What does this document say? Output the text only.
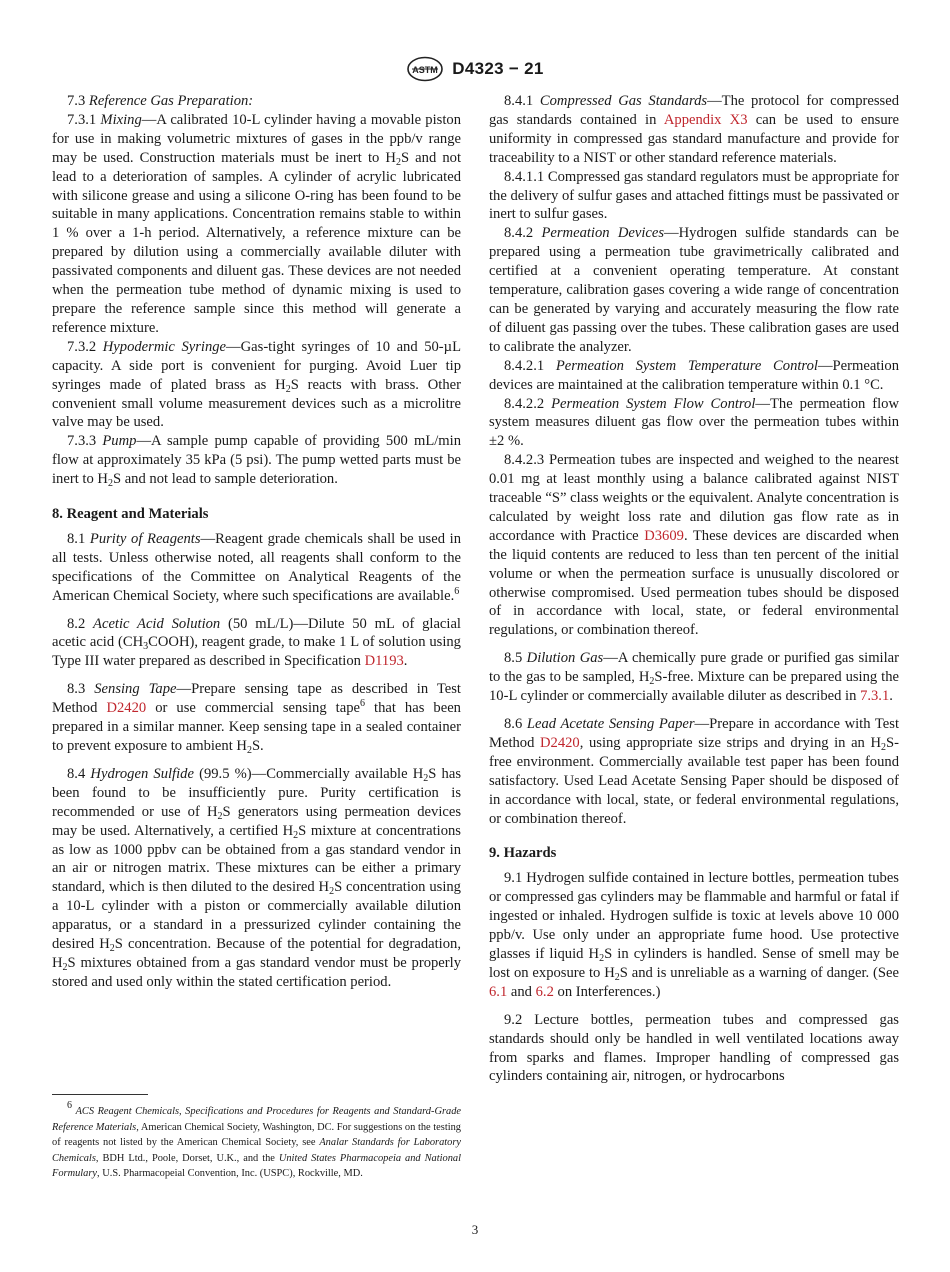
ASTM D4323 − 21

7.3 Reference Gas Preparation:

7.3.1 Mixing—A calibrated 10-L cylinder having a movable piston for use in making volumetric mixtures of gases in the ppb/v range may be used. Construction materials must be inert to $H_2S$ and not lead to a deterioration of samples. A cylinder of acrylic lubricated with silicone grease and using a silicone O-ring has been found to be suitable in many applications. Concentration remains stable to within 1 % over a 1-h period. Alternatively, a reference mixture can be prepared by dilution using a commercially available diluter with passivated components and diluent gas. These devices are not needed when the permeation tube method of dynamic mixing is used to prepare the reference sample since this method will generate a reference mixture.

7.3.2 Hypodermic Syringe—Gas-tight syringes of 10 and 50-µL capacity. A side port is convenient for purging. Avoid Luer tip syringes made of plated brass as $H_2S$ reacts with brass. Other convenient small volume measurement devices such as a microlitre valve may be used.

7.3.3 Pump—A sample pump capable of providing 500 mL/min flow at approximately 35 kPa (5 psi). The pump wetted parts must be inert to $H_2S$ and not lead to sample deterioration.

8. Reagent and Materials

8.1 Purity of Reagents—Reagent grade chemicals shall be used in all tests. Unless otherwise noted, all reagents shall conform to the specifications of the Committee on Analytical Reagents of the American Chemical Society, where such specifications are available.$^6$

8.2 Acetic Acid Solution (50 mL/L)—Dilute 50 mL of glacial acetic acid $(CH_3COOH)$, reagent grade, to make 1 L of solution using Type III water prepared as described in Specification D1193.

8.3 Sensing Tape—Prepare sensing tape as described in Test Method D2420 or use commercial sensing tape$^6$ that has been prepared in a similar manner. Keep sensing tape in a sealed container to prevent exposure to ambient $H_2S$.

8.4 Hydrogen Sulfide (99.5 %)—Commercially available $H_2S$ has been found to be insufficiently pure. Purity certification is recommended or use of $H_2S$ generators using permeation devices may be used. Alternatively, a certified $H_2S$ mixture at concentrations as low as 1000 ppbv can be obtained from a gas standard vendor in an air or nitrogen matrix. These mixtures can be either a primary standard, which is then diluted to the desired $H_2S$ concentration using a 10-L cylinder with a piston or commercially available dilution apparatus, or a standard in a pressurized cylinder containing the desired $H_2S$ concentration. Because of the potential for degradation, $H_2S$ mixtures obtained from a gas standard vendor must be properly stored and used only within the stated certification period.

$^6$ ACS Reagent Chemicals, Specifications and Procedures for Reagents and Standard-Grade Reference Materials, American Chemical Society, Washington, DC. For suggestions on the testing of reagents not listed by the American Chemical Society, see Analar Standards for Laboratory Chemicals, BDH Ltd., Poole, Dorset, U.K., and the United States Pharmacopeia and National Formulary, U.S. Pharmacopeial Convention, Inc. (USPC), Rockville, MD.

8.4.1 Compressed Gas Standards—The protocol for compressed gas standards contained in Appendix X3 can be used to ensure uniformity in compressed gas standard manufacture and provide for traceability to a NIST or other standard reference materials.

8.4.1.1 Compressed gas standard regulators must be appropriate for the delivery of sulfur gases and attached fittings must be passivated or inert to sulfur gases.

8.4.2 Permeation Devices—Hydrogen sulfide standards can be prepared using a permeation tube gravimetrically calibrated and certified at a convenient operating temperature. At constant temperature, calibration gases covering a wide range of concentration can be generated by varying and accurately measuring the flow rate of diluent gas passing over the tubes. These calibration gases are used to calibrate the analyzer.

8.4.2.1 Permeation System Temperature Control—Permeation devices are maintained at the calibration temperature within 0.1 °C.

8.4.2.2 Permeation System Flow Control—The permeation flow system measures diluent gas flow over the permeation tubes within ±2 %.

8.4.2.3 Permeation tubes are inspected and weighed to the nearest 0.01 mg at least monthly using a balance calibrated against NIST traceable “S” class weights or the equivalent. Analyte concentration is calculated by weight loss rate and dilution gas flow rate as in accordance with Practice D3609. These devices are discarded when the liquid contents are reduced to less than ten percent of the initial volume or when the permeation surface is unusually discolored or otherwise compromised. Used permeation tubes should be disposed of in accordance with local, state, or federal environmental regulations, or combination thereof.

8.5 Dilution Gas—A chemically pure grade or purified gas similar to the gas to be sampled, $H_2S$-free. Mixture can be prepared using the 10-L cylinder or commercially available diluter as described in 7.3.1.

8.6 Lead Acetate Sensing Paper—Prepare in accordance with Test Method D2420, using appropriate size strips and drying in an $H_2S$-free environment. Commercially available test paper has been found satisfactory. Used Lead Acetate Sensing Paper should be disposed of in accordance with local, state, or federal environmental regulations, or combination thereof.

9. Hazards

9.1 Hydrogen sulfide contained in lecture bottles, permeation tubes or compressed gas cylinders may be flammable and harmful or fatal if ingested or inhaled. Hydrogen sulfide is toxic at levels above 10 000 ppb/v. Use only under an appropriate fume hood. Use protective glasses if liquid $H_2S$ in cylinders is handled. Sense of smell may be lost on exposure to $H_2S$ and is unreliable as a warning of danger. (See 6.1 and 6.2 on Interferences.)

9.2 Lecture bottles, permeation tubes and compressed gas standards should only be handled in well ventilated locations away from sparks and flames. Improper handling of compressed gas cylinders containing air, nitrogen, or hydrocarbons

3
